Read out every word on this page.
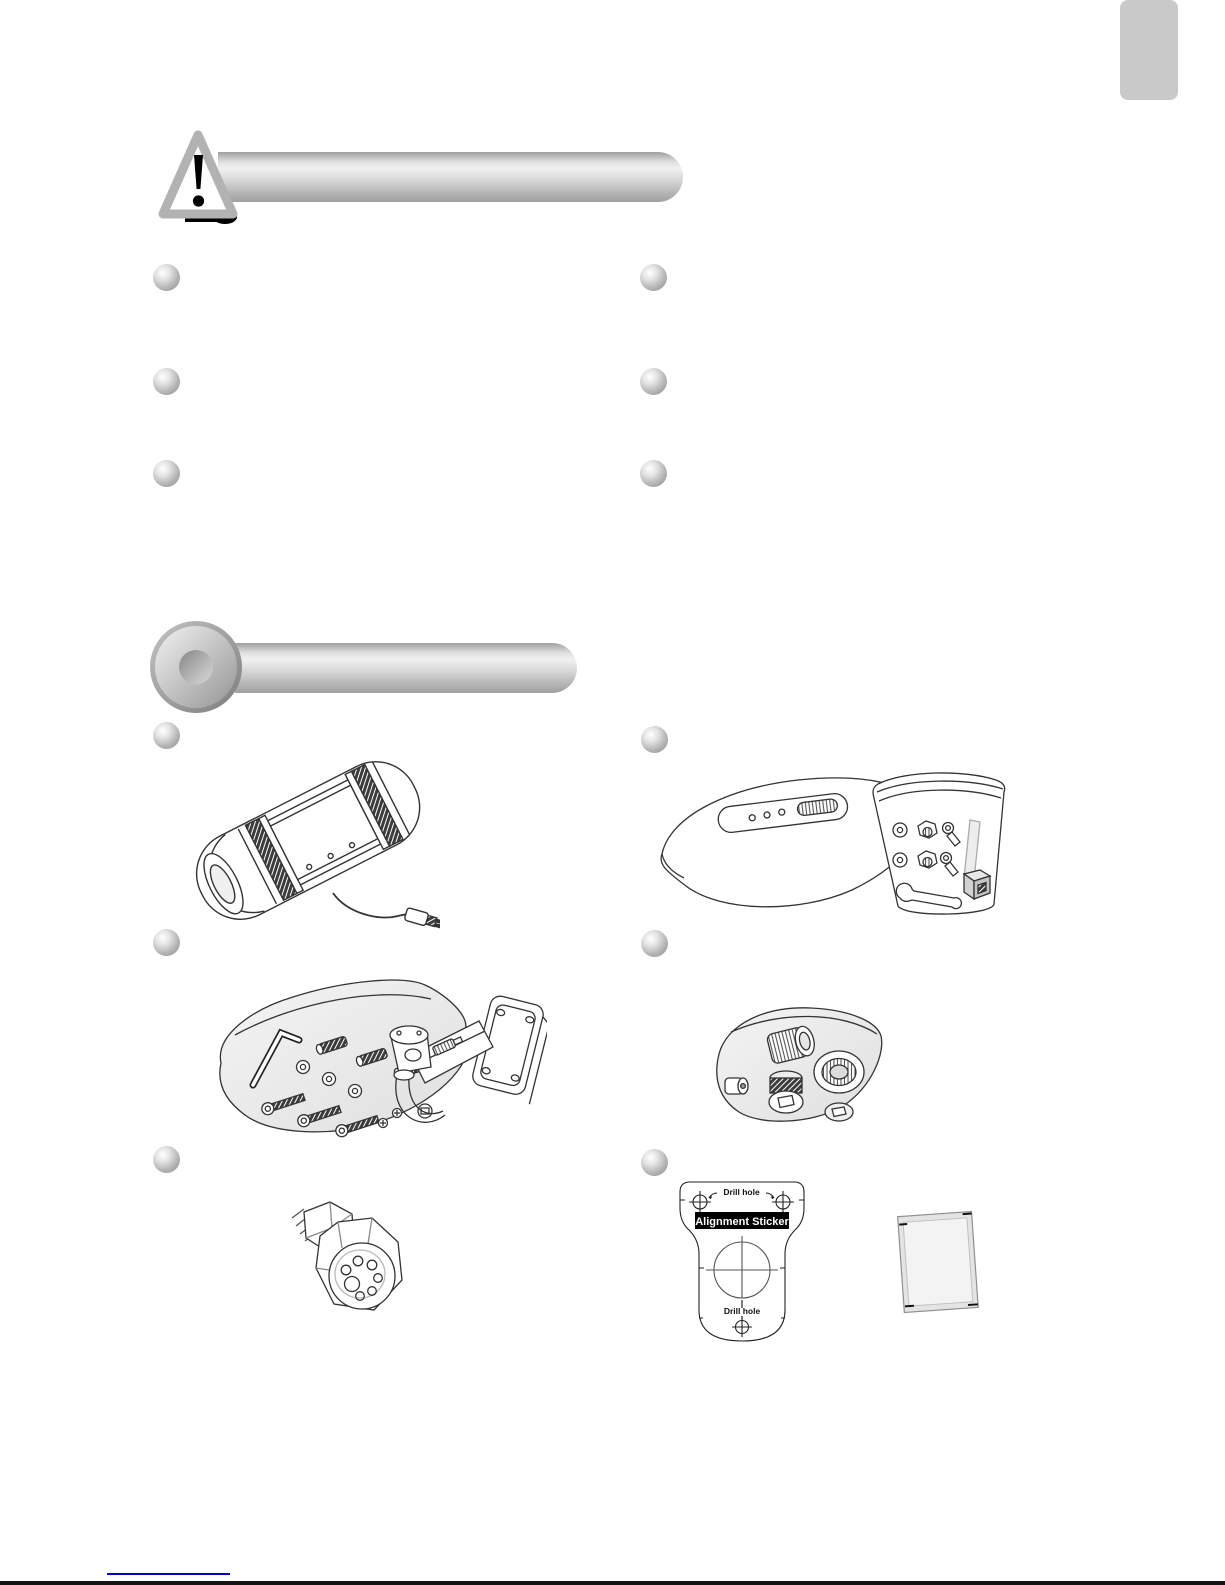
Drill hole
Alignment Sticker
Drill hole
